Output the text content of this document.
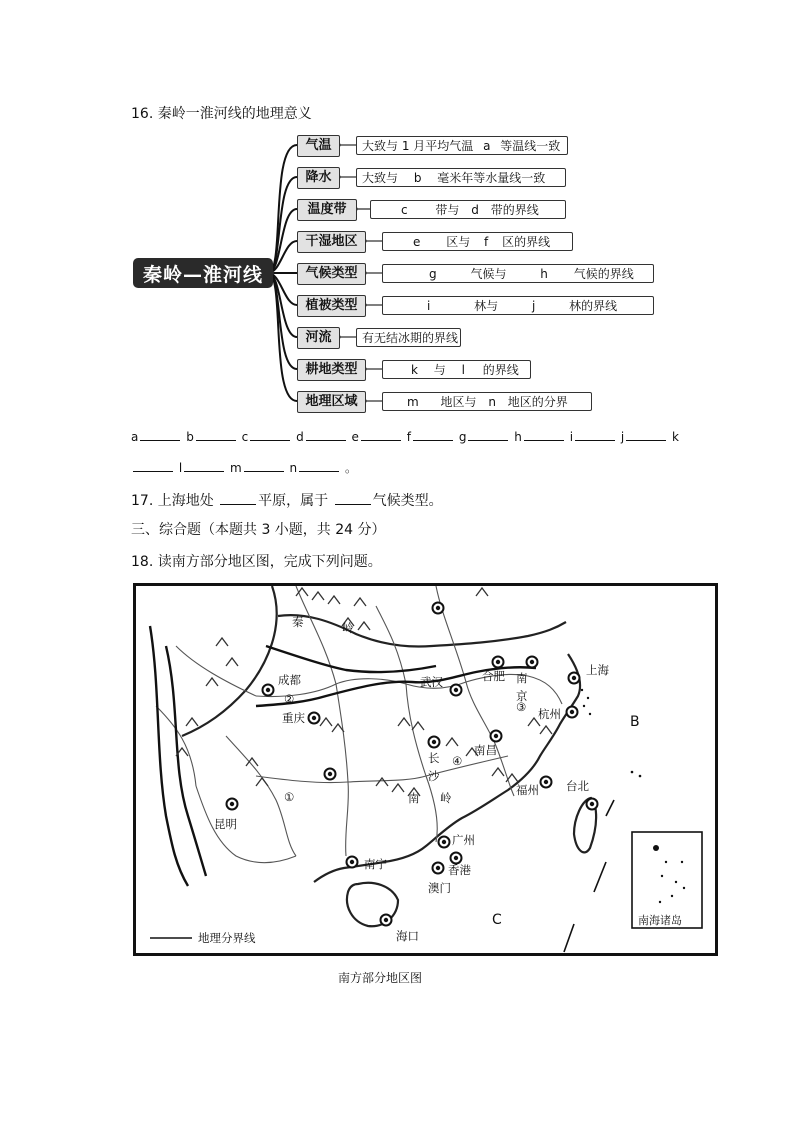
16. 秦岭一淮河线的地理意义
秦岭—淮河线
气温
降水
温度带
干湿地区
气候类型
植被类型
河流
耕地类型
地理区域
大致与 1 月平均气温 a 等温线一致
大致与 b 毫米年等水量线一致
c 带与 d 带的界线
e 区与 f 区的界线
g	气候与	h 气候的界线
i	林与	j	林的界线
有无结冰期的界线
k 与 l 的界线
m 地区与 n 地区的分界
a	b	c	d	e	f	g	h	i	j	k
l	m	n	。
17. 上海地处	平原，属于	气候类型。
三、综合题（本题共 3 小题，共 24 分）
18. 读南方部分地区图，完成下列问题。
秦	岭
成都
②
重庆
武汉	合肥 南
京
上海
③ 杭州	B
长
沙
④
南昌
福州 台北
南 岭
①
昆明
广州
香港
澳门
南宁
C
海口
地理分界线
南海诸岛
南方部分地区图
